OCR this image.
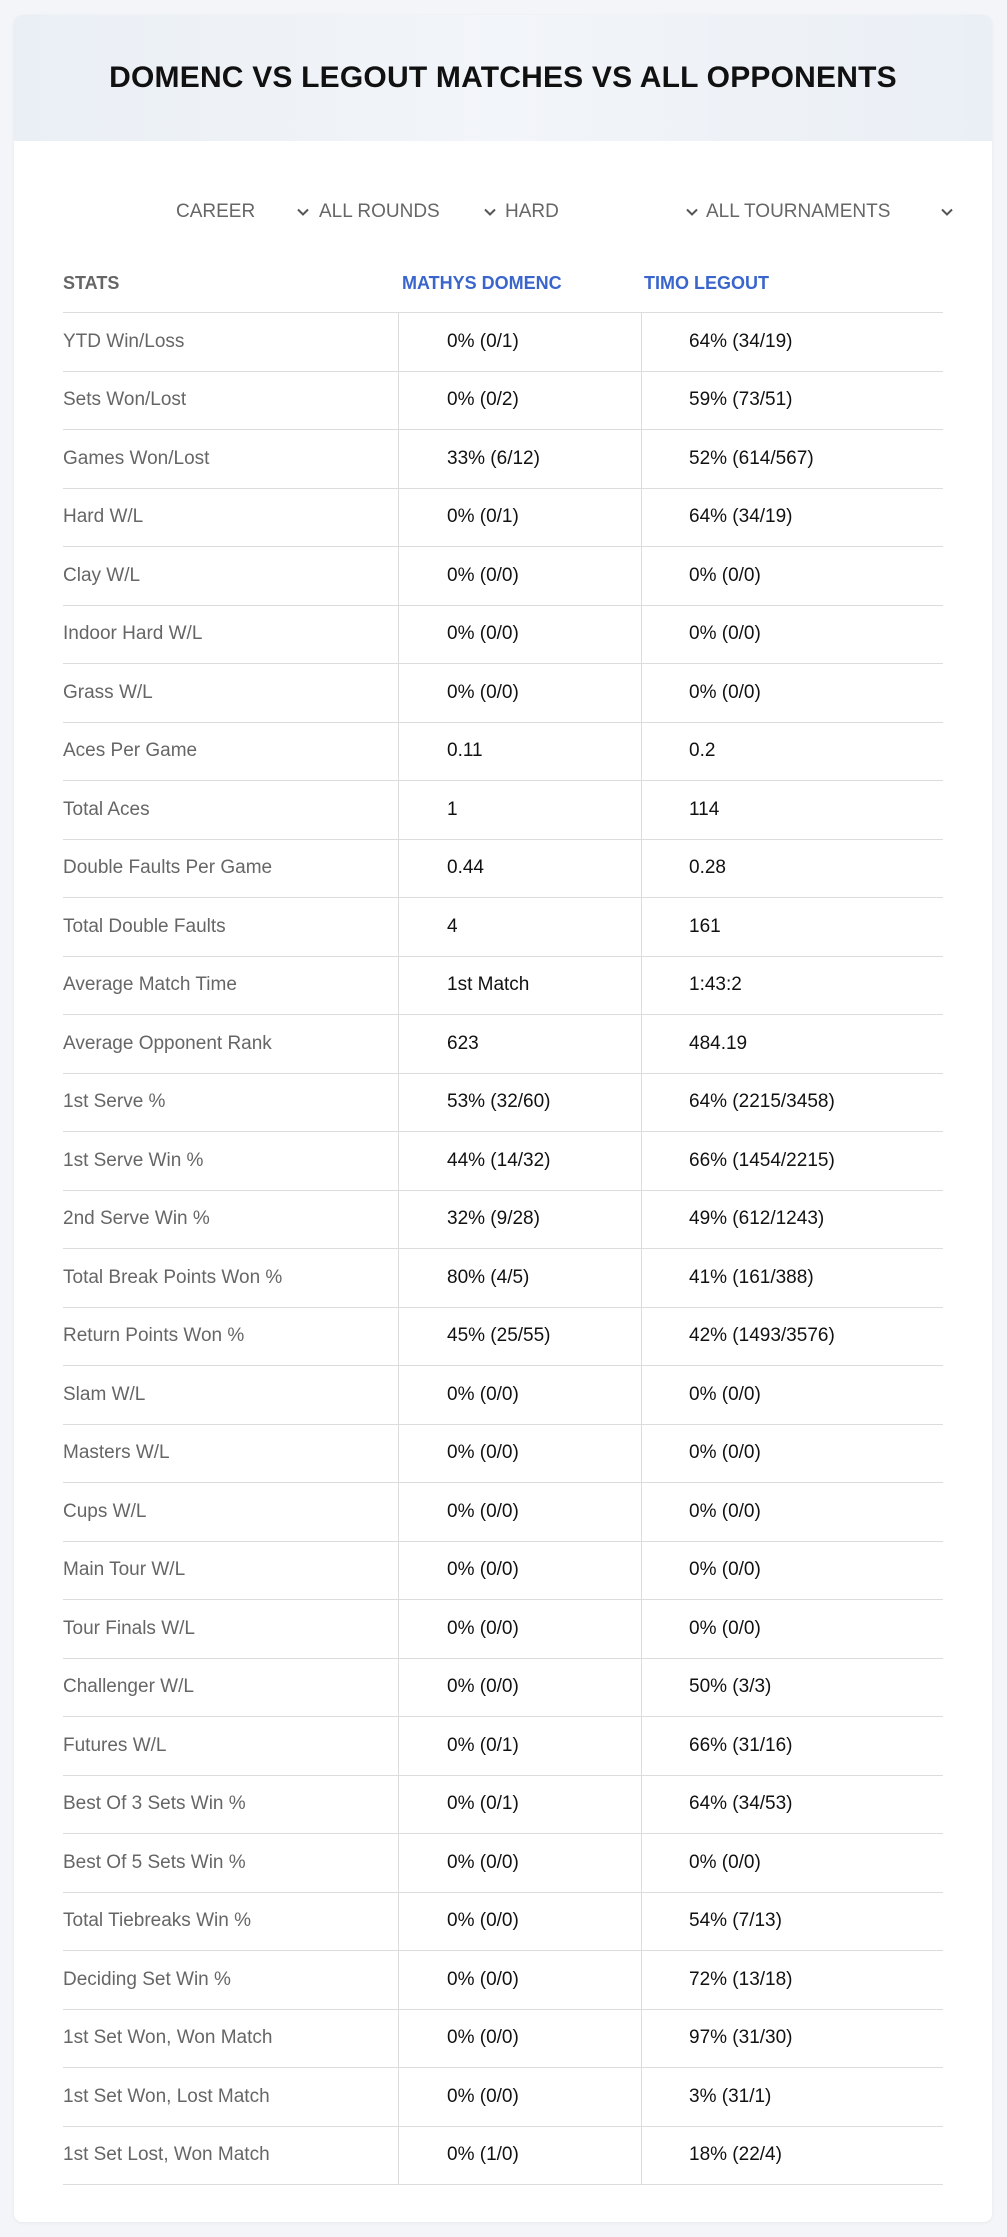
DOMENC VS LEGOUT MATCHES VS ALL OPPONENTS
CAREER	ALL ROUNDS	HARD	ALL TOURNAMENTS
STATS	MATHYS DOMENC	TIMO LEGOUT
YTD Win/Loss	0% (0/1)	64% (34/19)
Sets Won/Lost	0% (0/2)	59% (73/51)
Games Won/Lost	33% (6/12)	52% (614/567)
Hard W/L	0% (0/1)	64% (34/19)
Clay W/L	0% (0/0)	0% (0/0)
Indoor Hard W/L	0% (0/0)	0% (0/0)
Grass W/L	0% (0/0)	0% (0/0)
Aces Per Game	0.11	0.2
Total Aces	1	114
Double Faults Per Game	0.44	0.28
Total Double Faults	4	161
Average Match Time	1st Match	1:43:2
Average Opponent Rank	623	484.19
1st Serve %	53% (32/60)	64% (2215/3458)
1st Serve Win %	44% (14/32)	66% (1454/2215)
2nd Serve Win %	32% (9/28)	49% (612/1243)
Total Break Points Won %	80% (4/5)	41% (161/388)
Return Points Won %	45% (25/55)	42% (1493/3576)
Slam W/L	0% (0/0)	0% (0/0)
Masters W/L	0% (0/0)	0% (0/0)
Cups W/L	0% (0/0)	0% (0/0)
Main Tour W/L	0% (0/0)	0% (0/0)
Tour Finals W/L	0% (0/0)	0% (0/0)
Challenger W/L	0% (0/0)	50% (3/3)
Futures W/L	0% (0/1)	66% (31/16)
Best Of 3 Sets Win %	0% (0/1)	64% (34/53)
Best Of 5 Sets Win %	0% (0/0)	0% (0/0)
Total Tiebreaks Win %	0% (0/0)	54% (7/13)
Deciding Set Win %	0% (0/0)	72% (13/18)
1st Set Won, Won Match	0% (0/0)	97% (31/30)
1st Set Won, Lost Match	0% (0/0)	3% (31/1)
1st Set Lost, Won Match	0% (1/0)	18% (22/4)
